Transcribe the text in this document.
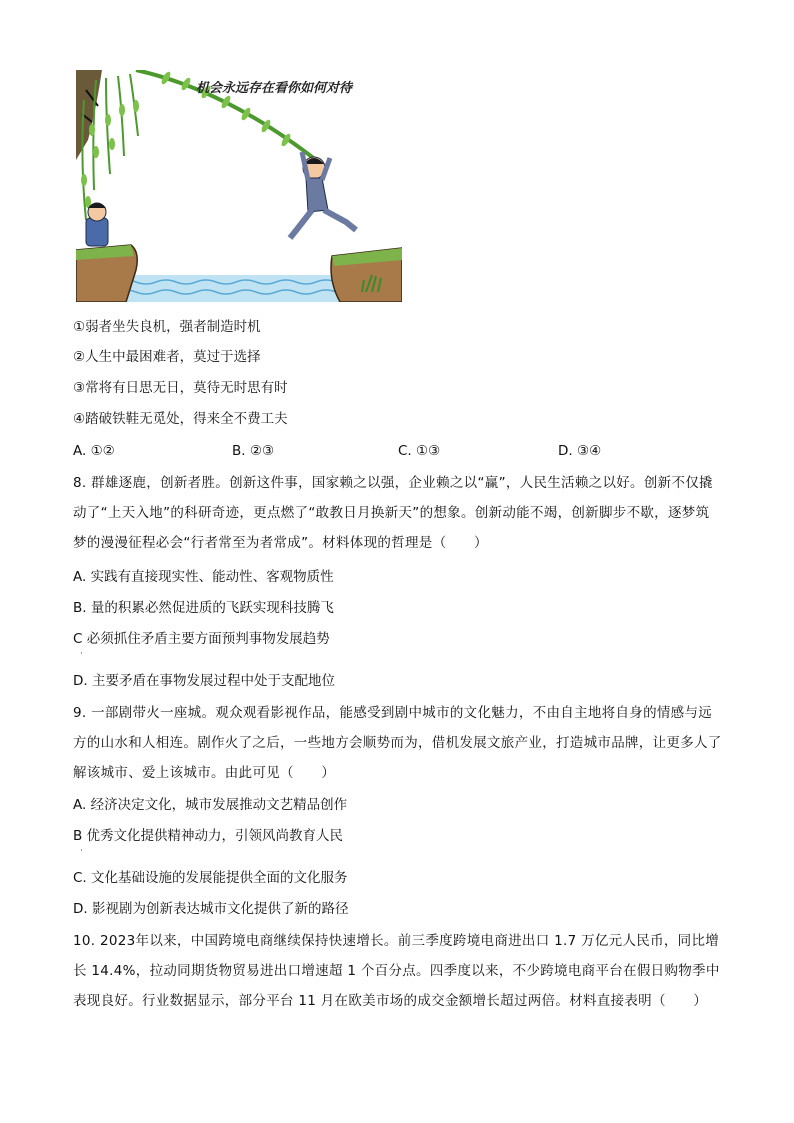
机会永远存在看你如何对待
①弱者坐失良机，强者制造时机
②人生中最困难者，莫过于选择
③常将有日思无日，莫待无时思有时
④踏破铁鞋无觅处，得来全不费工夫
A. ①②	B. ②③	C. ①③	D. ③④
8. 群雄逐鹿，创新者胜。创新这件事，国家赖之以强，企业赖之以“赢”，人民生活赖之以好。创新不仅撬动了“上天入地”的科研奇迹，更点燃了“敢教日月换新天”的想象。创新动能不竭，创新脚步不歇，逐梦筑梦的漫漫征程必会“行者常至为者常成”。材料体现的哲理是（　　）
A. 实践有直接现实性、能动性、客观物质性
B. 量的积累必然促进质的飞跃实现科技腾飞
C 必须抓住矛盾主要方面预判事物发展趋势
·
D. 主要矛盾在事物发展过程中处于支配地位
9. 一部剧带火一座城。观众观看影视作品，能感受到剧中城市的文化魅力，不由自主地将自身的情感与远方的山水和人相连。剧作火了之后，一些地方会顺势而为，借机发展文旅产业，打造城市品牌，让更多人了解该城市、爱上该城市。由此可见（　　）
A. 经济决定文化，城市发展推动文艺精品创作
B 优秀文化提供精神动力，引领风尚教育人民
·
C. 文化基础设施的发展能提供全面的文化服务
D. 影视剧为创新表达城市文化提供了新的路径
10. 2023年以来，中国跨境电商继续保持快速增长。前三季度跨境电商进出口 1.7 万亿元人民币，同比增长 14.4%，拉动同期货物贸易进出口增速超 1 个百分点。四季度以来，不少跨境电商平台在假日购物季中表现良好。行业数据显示，部分平台 11 月在欧美市场的成交金额增长超过两倍。材料直接表明（　　）
